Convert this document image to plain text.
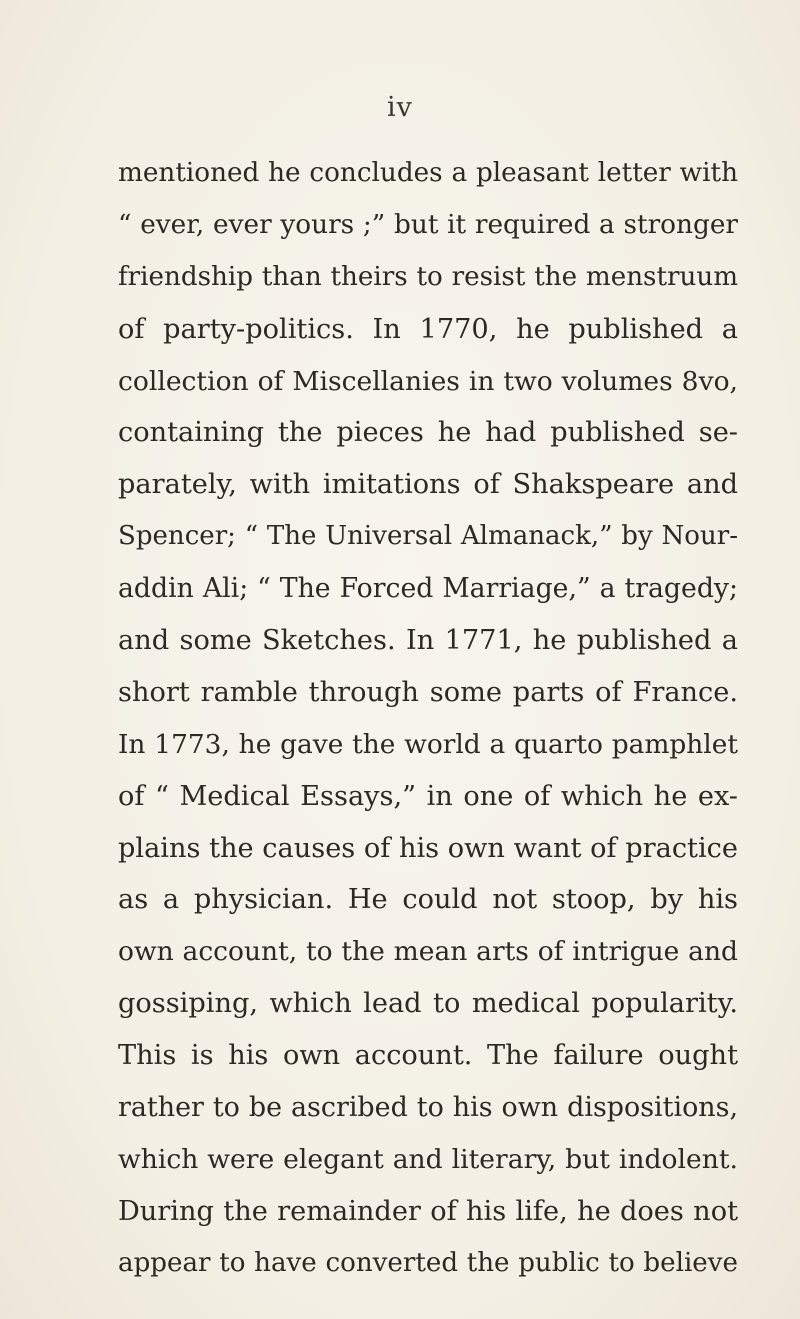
iv
mentioned he concludes a pleasant letter with
“ ever, ever yours ;” but it required a stronger
friendship than theirs to resist the menstruum
of party-politics. In 1770, he published a
collection of Miscellanies in two volumes 8vo,
containing the pieces he had published se-
parately, with imitations of Shakspeare and
Spencer; “ The Universal Almanack,” by Nour-
addin Ali; “ The Forced Marriage,” a tragedy;
and some Sketches. In 1771, he published a
short ramble through some parts of France.
In 1773, he gave the world a quarto pamphlet
of “ Medical Essays,” in one of which he ex-
plains the causes of his own want of practice
as a physician. He could not stoop, by his
own account, to the mean arts of intrigue and
gossiping, which lead to medical popularity.
This is his own account. The failure ought
rather to be ascribed to his own dispositions,
which were elegant and literary, but indolent.
During the remainder of his life, he does not
appear to have converted the public to believe
